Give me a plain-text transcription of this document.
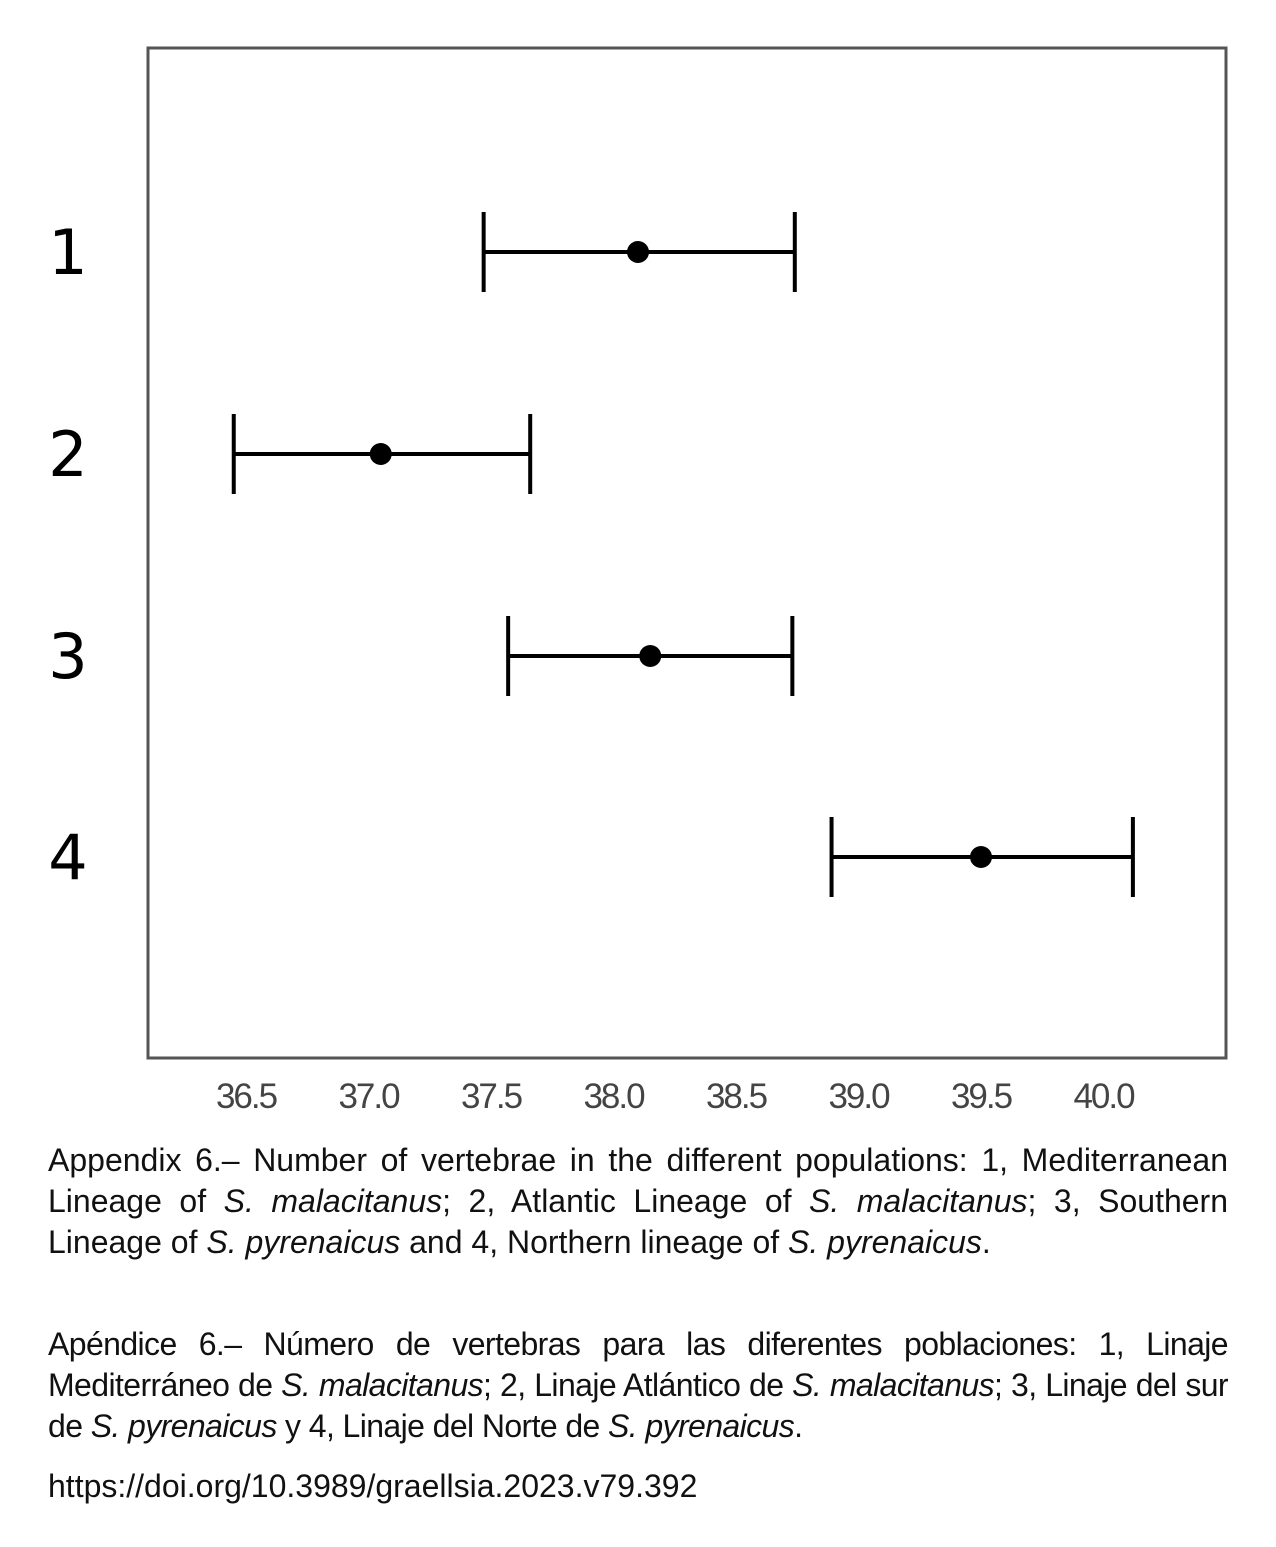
1
2
3
4
36.5 37.0 37.5 38.0 38.5 39.0 39.5 40.0

Appendix 6.– Number of vertebrae in the different populations: 1, Mediterranean Lineage of S. malacitanus; 2, Atlantic Lineage of S. malacitanus; 3, Southern Lineage of S. pyrenaicus and 4, Northern lineage of S. pyrenaicus.

Apéndice 6.– Número de vertebras para las diferentes poblaciones: 1, Linaje Mediterráneo de S. malacitanus; 2, Linaje Atlántico de S. malacitanus; 3, Linaje del sur de S. pyrenaicus y 4, Linaje del Norte de S. pyrenaicus.

https://doi.org/10.3989/graellsia.2023.v79.392
